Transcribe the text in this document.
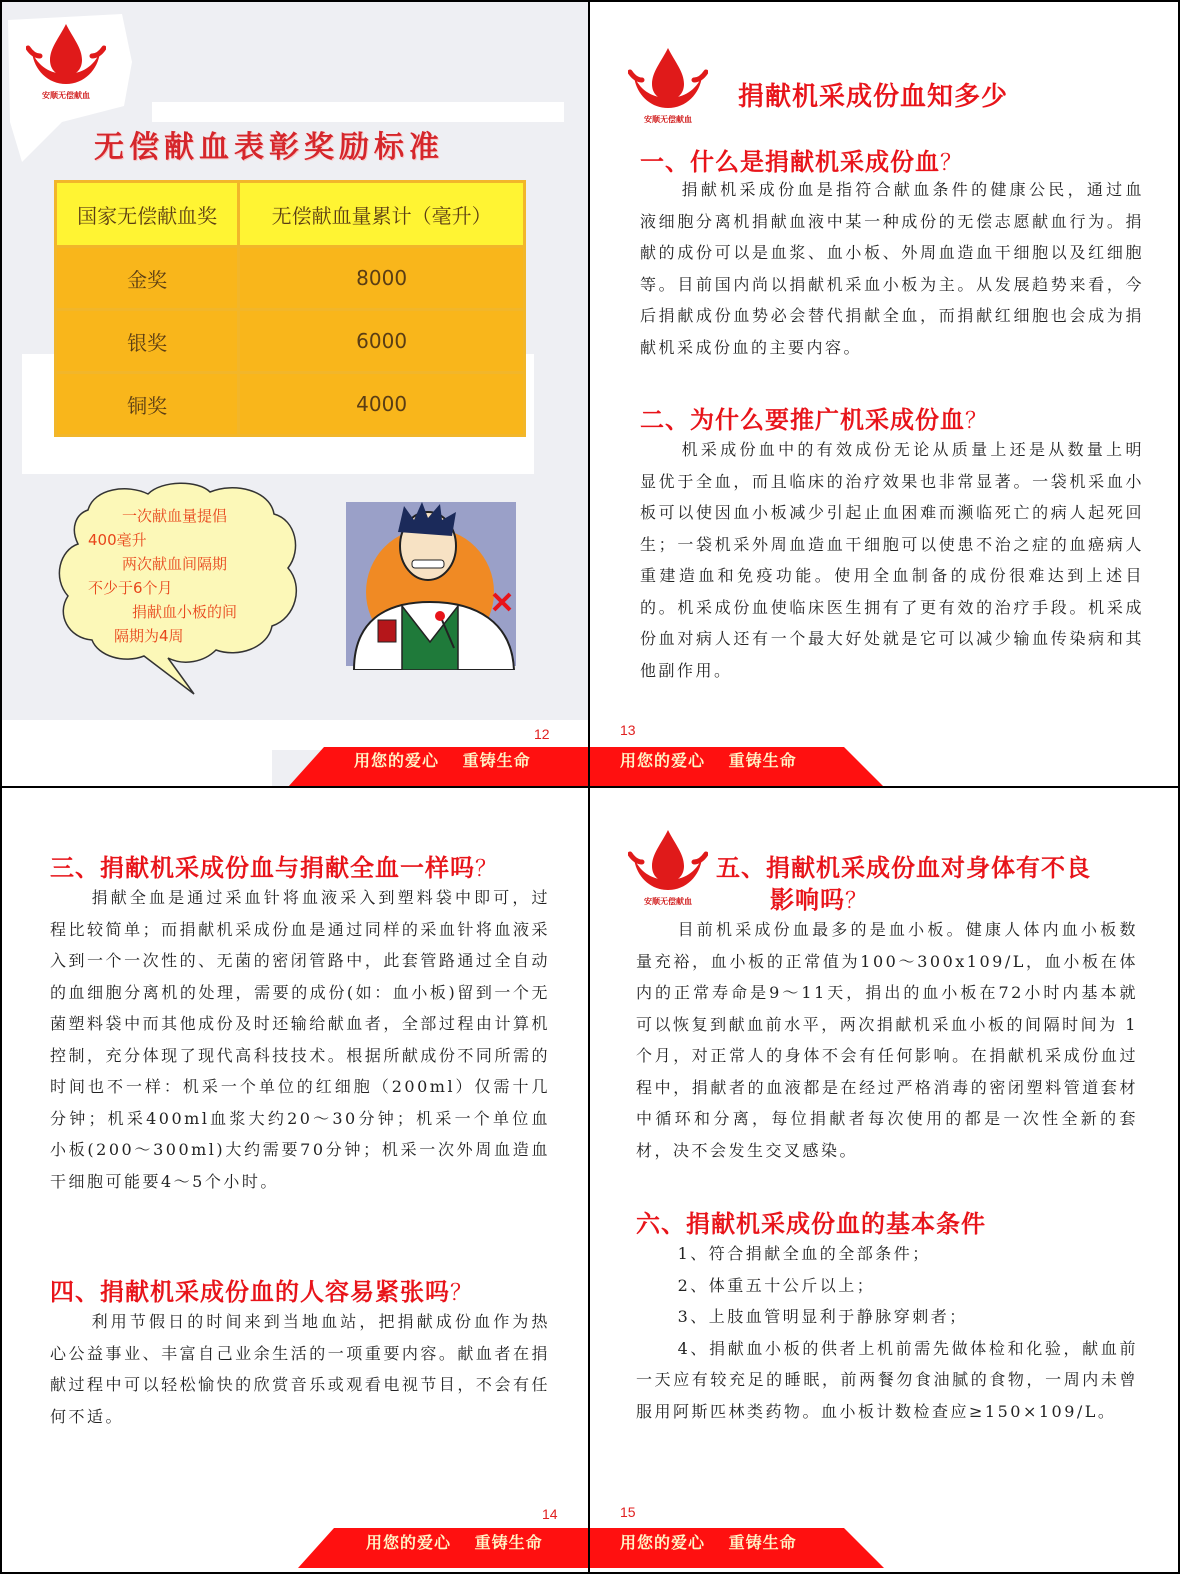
安顺无偿献血
无偿献血表彰奖励标准
国家无偿献血奖	无偿献血量累计（毫升）
金奖	8000
银奖	6000
铜奖	4000
一次献血量提倡
400毫升
两次献血间隔期
不少于6个月
捐献血小板的间
隔期为4周
12
用您的爱心　 重铸生命
安顺无偿献血
捐献机采成份血知多少
一、什么是捐献机采成份血？

捐献机采成份血是指符合献血条件的健康公民，通过血液细胞分离机捐献血液中某一种成份的无偿志愿献血行为。捐献的成份可以是血浆、血小板、外周血造血干细胞以及红细胞等。目前国内尚以捐献机采血小板为主。从发展趋势来看，今后捐献成份血势必会替代捐献全血，而捐献红细胞也会成为捐献机采成份血的主要内容。

二、为什么要推广机采成份血？

机采成份血中的有效成份无论从质量上还是从数量上明显优于全血，而且临床的治疗效果也非常显著。一袋机采血小板可以使因血小板减少引起止血困难而濒临死亡的病人起死回生；一袋机采外周血造血干细胞可以使患不治之症的血癌病人重建造血和免疫功能。使用全血制备的成份很难达到上述目的。机采成份血使临床医生拥有了更有效的治疗手段。机采成份血对病人还有一个最大好处就是它可以减少输血传染病和其他副作用。

13
用您的爱心　 重铸生命
三、捐献机采成份血与捐献全血一样吗？

捐献全血是通过采血针将血液采入到塑料袋中即可，过程比较简单；而捐献机采成份血是通过同样的采血针将血液采入到一个一次性的、无菌的密闭管路中，此套管路通过全自动的血细胞分离机的处理，需要的成份(如：血小板)留到一个无菌塑料袋中而其他成份及时还输给献血者，全部过程由计算机控制，充分体现了现代高科技技术。根据所献成份不同所需的时间也不一样：机采一个单位的红细胞（200ml）仅需十几分钟；机采400ml血浆大约20～30分钟；机采一个单位血小板(200～300ml)大约需要70分钟；机采一次外周血造血干细胞可能要4～5个小时。

四、捐献机采成份血的人容易紧张吗？

利用节假日的时间来到当地血站，把捐献成份血作为热心公益事业、丰富自己业余生活的一项重要内容。献血者在捐献过程中可以轻松愉快的欣赏音乐或观看电视节目，不会有任何不适。

14
用您的爱心　 重铸生命
安顺无偿献血
五、捐献机采成份血对身体有不良
影响吗？

目前机采成份血最多的是血小板。健康人体内血小板数量充裕，血小板的正常值为100～300x109/L，血小板在体内的正常寿命是9～11天，捐出的血小板在72小时内基本就可以恢复到献血前水平，两次捐献机采血小板的间隔时间为 1 个月，对正常人的身体不会有任何影响。在捐献机采成份血过程中，捐献者的血液都是在经过严格消毒的密闭塑料管道套材中循环和分离，每位捐献者每次使用的都是一次性全新的套材，决不会发生交叉感染。

六、捐献机采成份血的基本条件

1、符合捐献全血的全部条件；

2、体重五十公斤以上；

3、上肢血管明显利于静脉穿刺者；

4、捐献血小板的供者上机前需先做体检和化验，献血前一天应有较充足的睡眠，前两餐勿食油腻的食物，一周内未曾服用阿斯匹林类药物。血小板计数检查应≥150×109/L。

15
用您的爱心　 重铸生命
